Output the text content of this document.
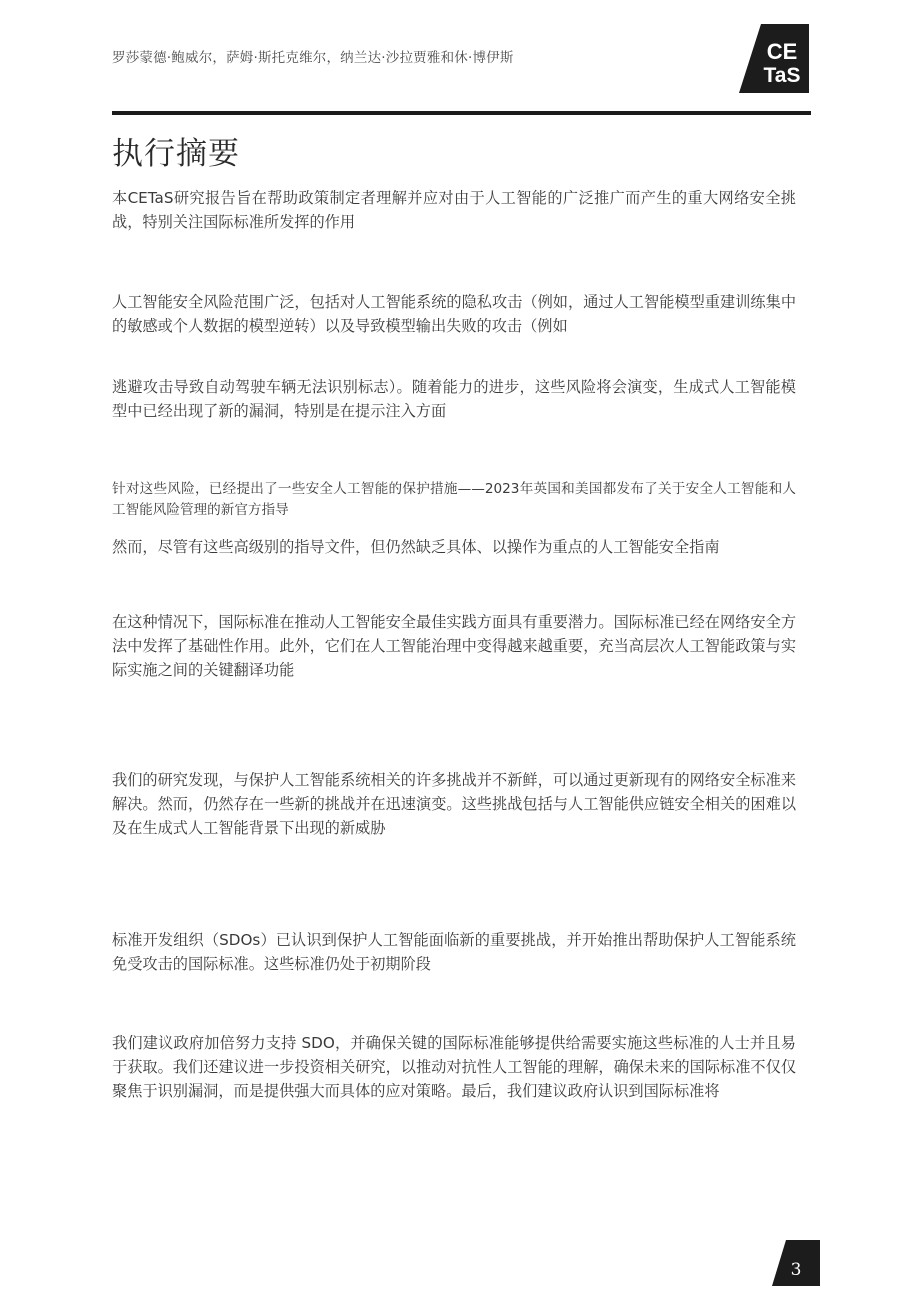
罗莎蒙德·鲍威尔，萨姆·斯托克维尔，纳兰达·沙拉贾雅和休·博伊斯	CE
TaS
执行摘要

本CETaS研究报告旨在帮助政策制定者理解并应对由于人工智能的广泛推广而产生的重大网络安全挑战，特别关注国际标准所发挥的作用

人工智能安全风险范围广泛，包括对人工智能系统的隐私攻击（例如，通过人工智能模型重建训练集中的敏感或个人数据的模型逆转）以及导致模型输出失败的攻击（例如

逃避攻击导致自动驾驶车辆无法识别标志）。随着能力的进步，这些风险将会演变，生成式人工智能模型中已经出现了新的漏洞，特别是在提示注入方面

针对这些风险，已经提出了一些安全人工智能的保护措施——2023年英国和美国都发布了关于安全人工智能和人工智能风险管理的新官方指导

然而，尽管有这些高级别的指导文件，但仍然缺乏具体、以操作为重点的人工智能安全指南

在这种情况下，国际标准在推动人工智能安全最佳实践方面具有重要潜力。国际标准已经在网络安全方法中发挥了基础性作用。此外，它们在人工智能治理中变得越来越重要，充当高层次人工智能政策与实际实施之间的关键翻译功能

我们的研究发现，与保护人工智能系统相关的许多挑战并不新鲜，可以通过更新现有的网络安全标准来解决。然而，仍然存在一些新的挑战并在迅速演变。这些挑战包括与人工智能供应链安全相关的困难以及在生成式人工智能背景下出现的新威胁

标准开发组织（SDOs）已认识到保护人工智能面临新的重要挑战，并开始推出帮助保护人工智能系统免受攻击的国际标准。这些标准仍处于初期阶段

我们建议政府加倍努力支持 SDO，并确保关键的国际标准能够提供给需要实施这些标准的人士并且易于获取。我们还建议进一步投资相关研究，以推动对抗性人工智能的理解，确保未来的国际标准不仅仅聚焦于识别漏洞，而是提供强大而具体的应对策略。最后，我们建议政府认识到国际标准将

3
